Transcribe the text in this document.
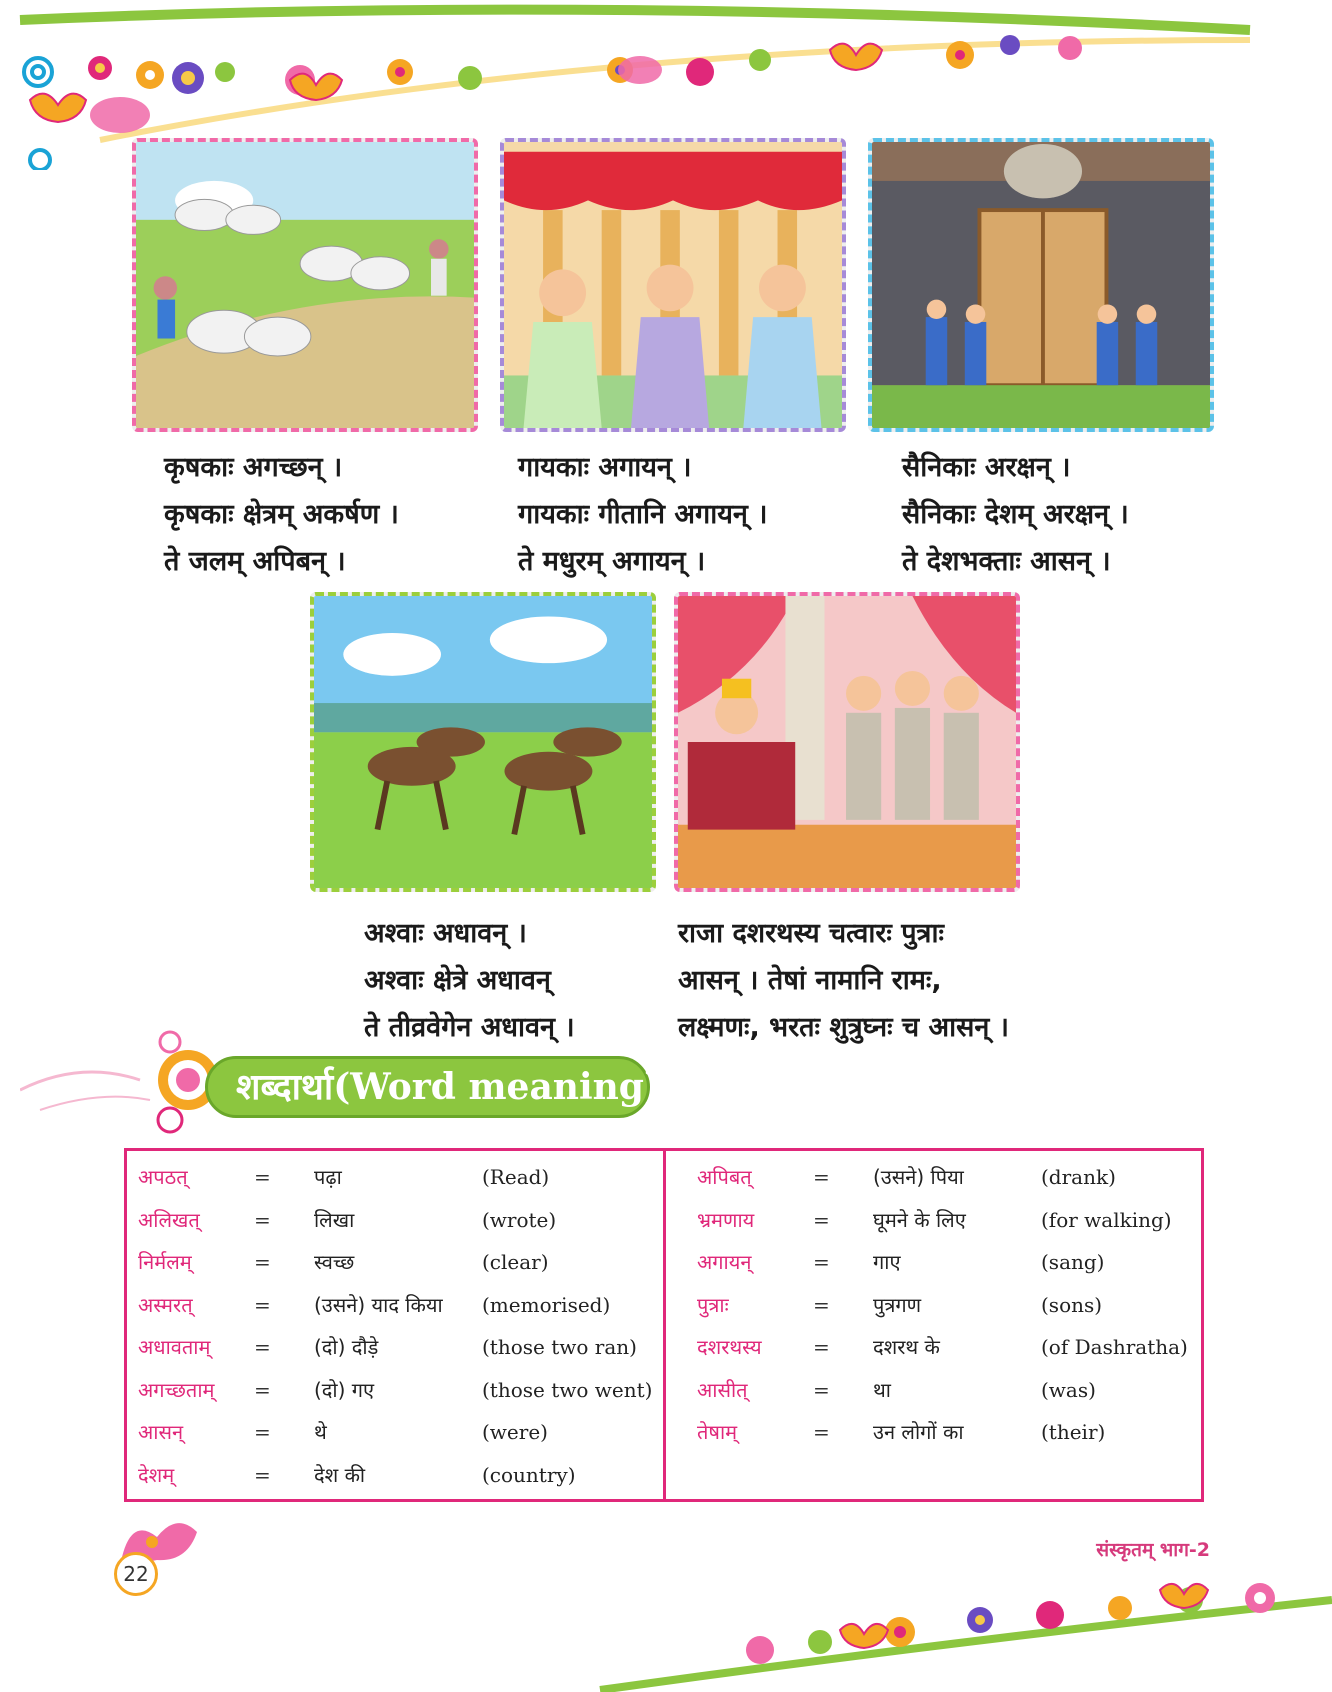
कृषकाः अगच्छन् ।
कृषकाः क्षेत्रम् अकर्षण ।
ते जलम् अपिबन् ।
गायकाः अगायन् ।
गायकाः गीतानि अगायन् ।
ते मधुरम् अगायन् ।
सैनिकाः अरक्षन् ।
सैनिकाः देशम् अरक्षन् ।
ते देशभक्ताः आसन् ।
अश्वाः अधावन् ।
अश्वाः क्षेत्रे अधावन्
ते तीव्रवेगेन अधावन् ।
राजा दशरथस्य चत्वारः पुत्राः
आसन् । तेषां नामानि रामः,
लक्ष्मणः, भरतः शुत्रुघ्नः च आसन् ।
शब्दार्था(Word meaning)
अपठत्	= पढ़ा	(Read)
अलिखत्	= लिखा	(wrote)
निर्मलम्	= स्वच्छ	(clear)
अस्मरत्	= (उसने) याद किया (memorised)
अधावताम् = (दो) दौड़े	(those two ran)
अगच्छताम् = (दो) गए	(those two went)
आसन्	= थे	(were)
देशम्	= देश की	(country)
अपिबत्	= (उसने) पिया	(drank)
भ्रमणाय	= घूमने के लिए	(for walking)
अगायन्	= गाए	(sang)
पुत्राः	= पुत्रगण	(sons)
दशरथस्य	= दशरथ के	(of Dashratha)
आसीत्	= था	(was)
तेषाम्	= उन लोगों का	(their)
22
संस्कृतम् भाग-2
